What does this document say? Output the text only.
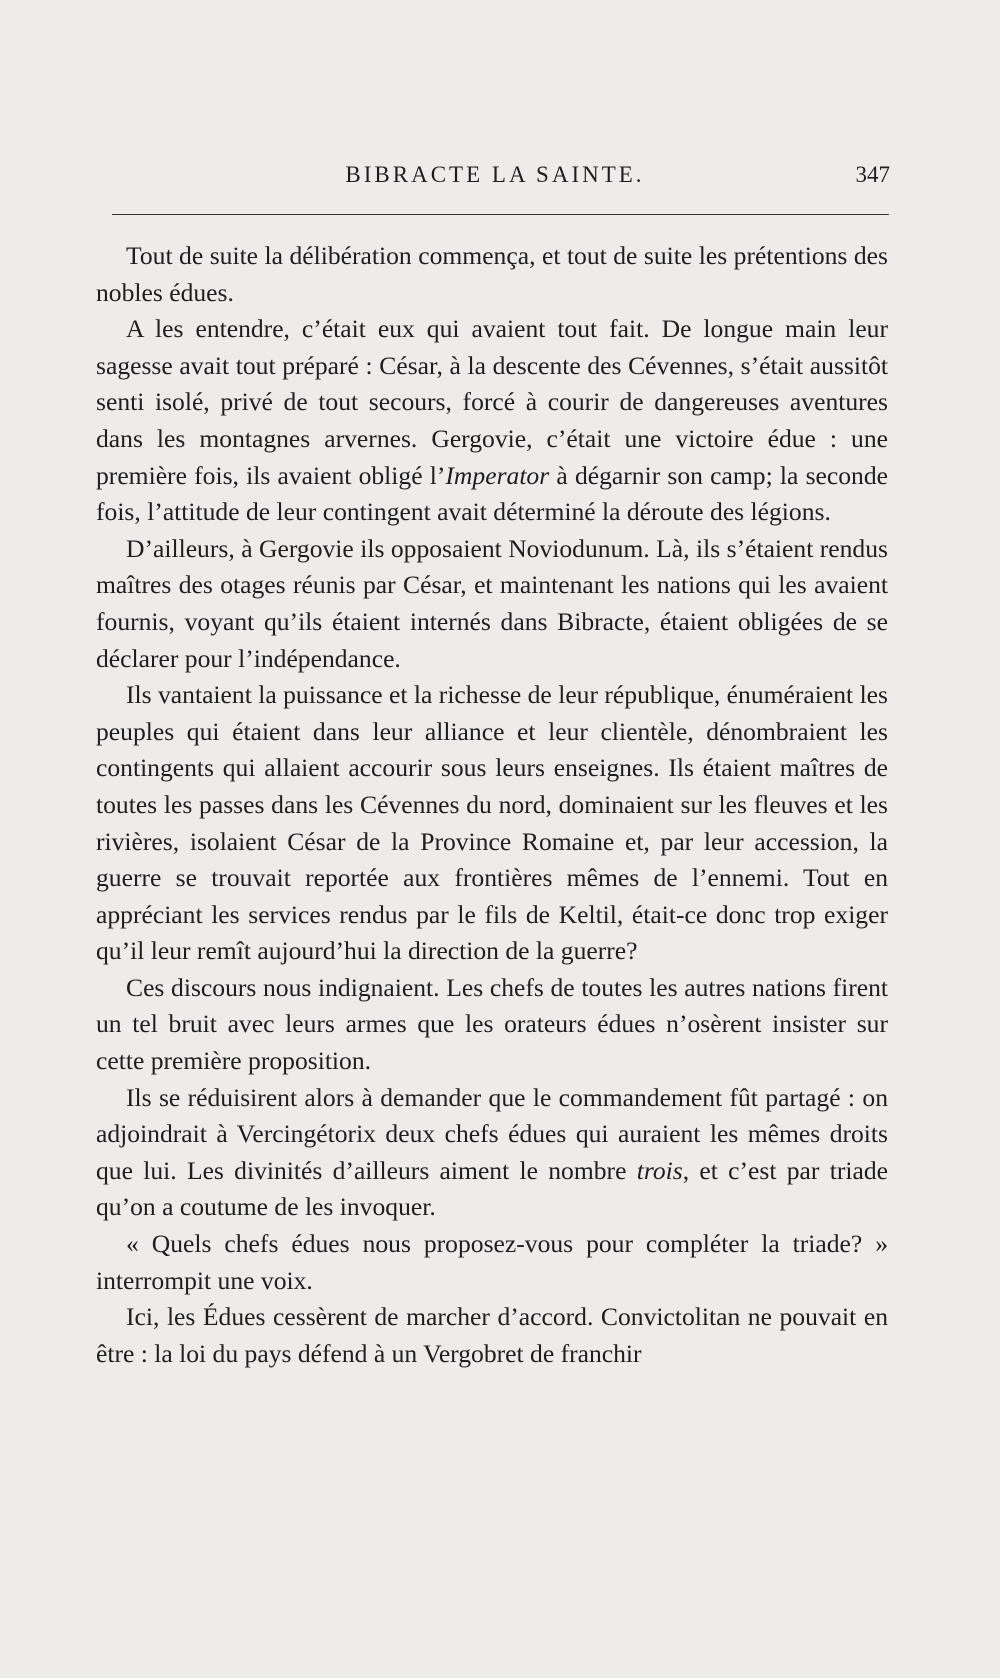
BIBRACTE LA SAINTE.	347

Tout de suite la délibération commença, et tout de suite les prétentions des nobles édues.

A les entendre, c’était eux qui avaient tout fait. De longue main leur sagesse avait tout préparé : César, à la descente des Cévennes, s’était aussitôt senti isolé, privé de tout secours, forcé à courir de dangereuses aventures dans les montagnes arvernes. Gergovie, c’était une victoire édue : une première fois, ils avaient obligé l’Imperator à dégarnir son camp; la seconde fois, l’attitude de leur contingent avait déterminé la déroute des légions.

D’ailleurs, à Gergovie ils opposaient Noviodunum. Là, ils s’étaient rendus maîtres des otages réunis par César, et maintenant les nations qui les avaient fournis, voyant qu’ils étaient internés dans Bibracte, étaient obligées de se déclarer pour l’indépendance.

Ils vantaient la puissance et la richesse de leur république, énuméraient les peuples qui étaient dans leur alliance et leur clientèle, dénombraient les contingents qui allaient accourir sous leurs enseignes. Ils étaient maîtres de toutes les passes dans les Cévennes du nord, dominaient sur les fleuves et les rivières, isolaient César de la Province Romaine et, par leur accession, la guerre se trouvait reportée aux frontières mêmes de l’ennemi. Tout en appréciant les services rendus par le fils de Keltil, était-ce donc trop exiger qu’il leur remît aujourd’hui la direction de la guerre?

Ces discours nous indignaient. Les chefs de toutes les autres nations firent un tel bruit avec leurs armes que les orateurs édues n’osèrent insister sur cette première proposition.

Ils se réduisirent alors à demander que le commandement fût partagé : on adjoindrait à Vercingétorix deux chefs édues qui auraient les mêmes droits que lui. Les divinités d’ailleurs aiment le nombre trois, et c’est par triade qu’on a coutume de les invoquer.

« Quels chefs édues nous proposez-vous pour compléter la triade? » interrompit une voix.

Ici, les Édues cessèrent de marcher d’accord. Convictolitan ne pouvait en être : la loi du pays défend à un Vergobret de franchir
